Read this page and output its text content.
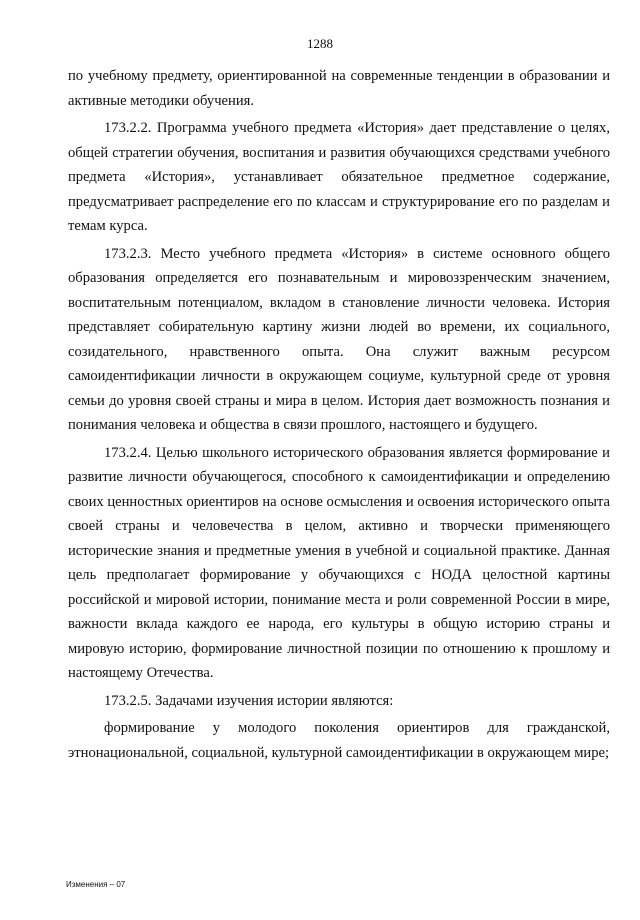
1288

по учебному предмету, ориентированной на современные тенденции в образовании и активные методики обучения.

173.2.2. Программа учебного предмета «История» дает представление о целях, общей стратегии обучения, воспитания и развития обучающихся средствами учебного предмета «История», устанавливает обязательное предметное содержание, предусматривает распределение его по классам и структурирование его по разделам и темам курса.

173.2.3. Место учебного предмета «История» в системе основного общего образования определяется его познавательным и мировоззренческим значением, воспитательным потенциалом, вкладом в становление личности человека. История представляет собирательную картину жизни людей во времени, их социального, созидательного, нравственного опыта. Она служит важным ресурсом самоидентификации личности в окружающем социуме, культурной среде от уровня семьи до уровня своей страны и мира в целом. История дает возможность познания и понимания человека и общества в связи прошлого, настоящего и будущего.

173.2.4. Целью школьного исторического образования является формирование и развитие личности обучающегося, способного к самоидентификации и определению своих ценностных ориентиров на основе осмысления и освоения исторического опыта своей страны и человечества в целом, активно и творчески применяющего исторические знания и предметные умения в учебной и социальной практике. Данная цель предполагает формирование у обучающихся с НОДА целостной картины российской и мировой истории, понимание места и роли современной России в мире, важности вклада каждого ее народа, его культуры в общую историю страны и мировую историю, формирование личностной позиции по отношению к прошлому и настоящему Отечества.

173.2.5. Задачами изучения истории являются:

формирование у молодого поколения ориентиров для гражданской, этнонациональной, социальной, культурной самоидентификации в окружающем мире;

Изменения – 07
